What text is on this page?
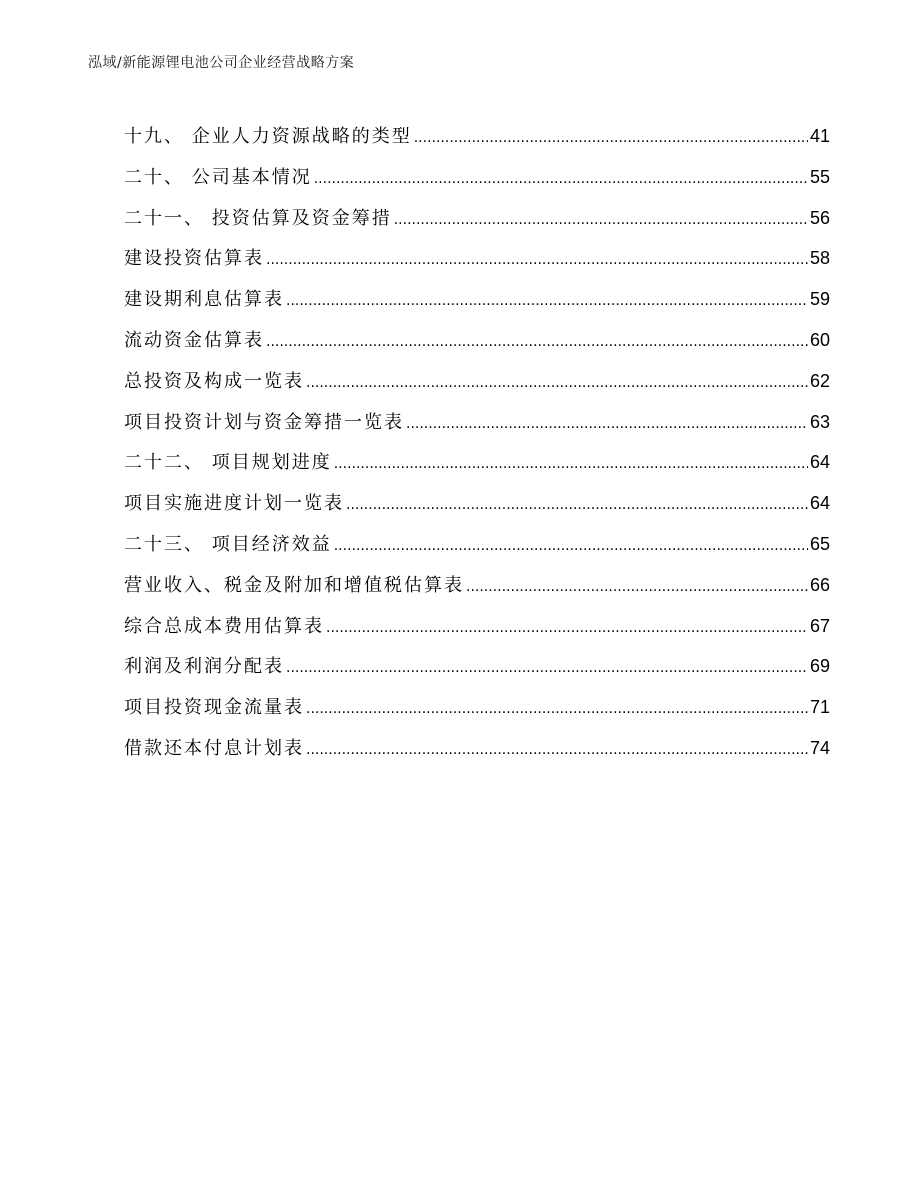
泓域/新能源锂电池公司企业经营战略方案
十九、 企业人力资源战略的类型 .....	41
二十、 公司基本情况 .....	55
二十一、 投资估算及资金筹措 .....	56
建设投资估算表 .....	58
建设期利息估算表 .....	59
流动资金估算表 .....	60
总投资及构成一览表 .....	62
项目投资计划与资金筹措一览表 .....	63
二十二、 项目规划进度 .....	64
项目实施进度计划一览表 .....	64
二十三、 项目经济效益 .....	65
营业收入、税金及附加和增值税估算表 .....	66
综合总成本费用估算表 .....	67
利润及利润分配表 .....	69
项目投资现金流量表 .....	71
借款还本付息计划表 .....	74
